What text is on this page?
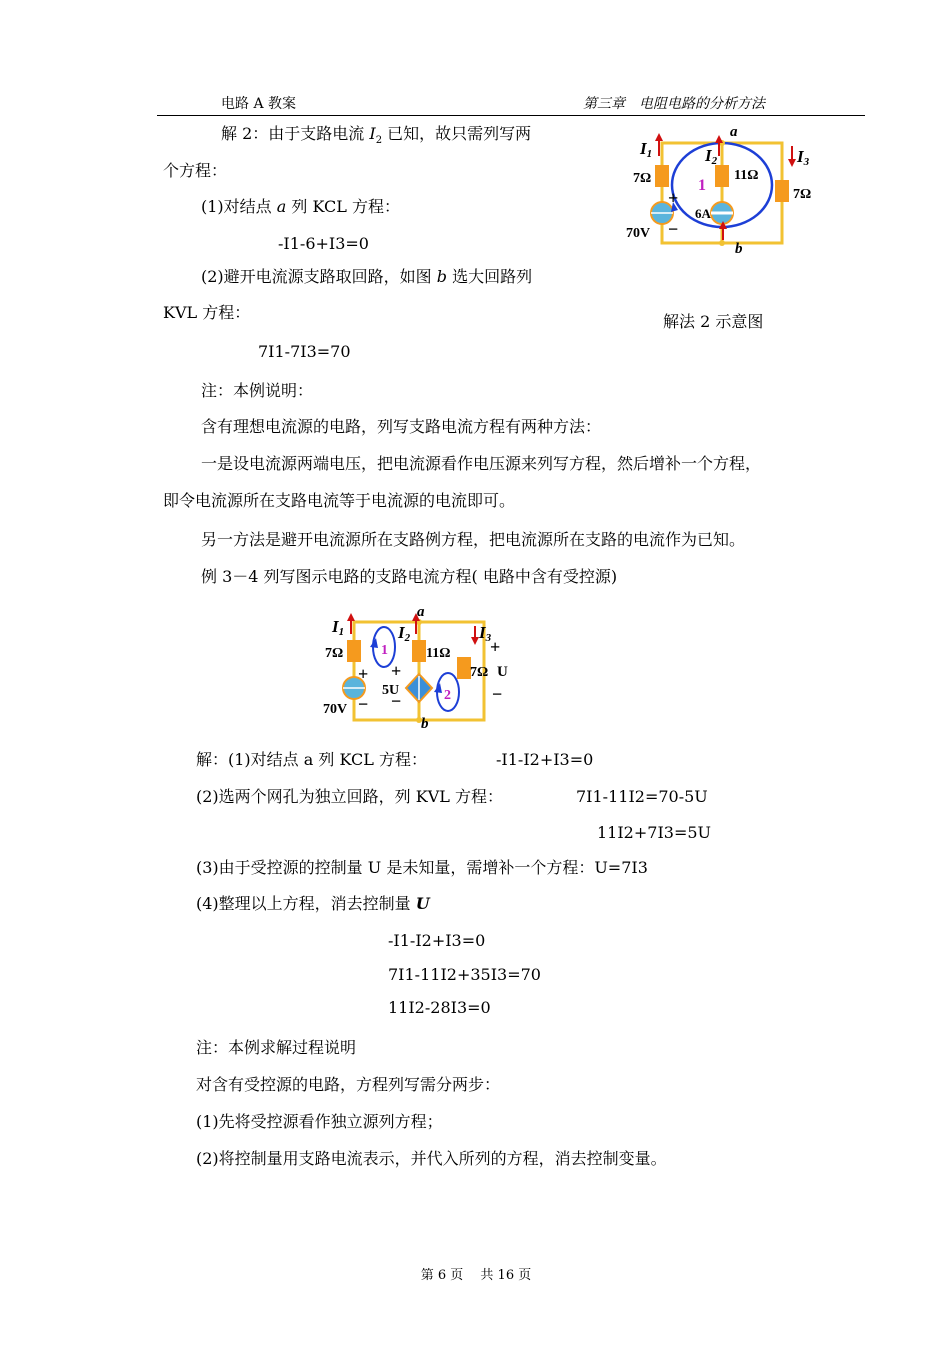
电路 A 教案	第三章　电阻电路的分析方法
解 2：由于支路电流 $I_2$ 已知，故只需列写两
个方程：
(1)对结点 a 列 KCL 方程：
-I1-6+I3=0
(2)避开电流源支路取回路，如图 b 选大回路列
KVL 方程：
7I1-7I3=70
解法 2 示意图
I1	I2	I3
a
b
7Ω	11Ω
7Ω
70V
6A
1
+
−
注：本例说明：
含有理想电流源的电路，列写支路电流方程有两种方法：
一是设电流源两端电压，把电流源看作电压源来列写方程，然后增补一个方程，
即令电流源所在支路电流等于电流源的电流即可。
另一方法是避开电流源所在支路例方程，把电流源所在支路的电流作为已知。
例 3－4 列写图示电路的支路电流方程( 电路中含有受控源)
I1	I2	I3
a
b
7Ω	11Ω
7Ω U
70V
5U
1
2
+
−
+
−
+
−
解：(1)对结点 a 列 KCL 方程：	-I1-I2+I3=0
(2)选两个网孔为独立回路，列 KVL 方程：	7I1-11I2=70-5U
11I2+7I3=5U
(3)由于受控源的控制量 U 是未知量，需增补一个方程：U=7I3
(4)整理以上方程，消去控制量 U
-I1-I2+I3=0
7I1-11I2+35I3=70
11I2-28I3=0
注：本例求解过程说明
对含有受控源的电路，方程列写需分两步：
(1)先将受控源看作独立源列方程；
(2)将控制量用支路电流表示，并代入所列的方程，消去控制变量。
第 6 页　 共 16 页
